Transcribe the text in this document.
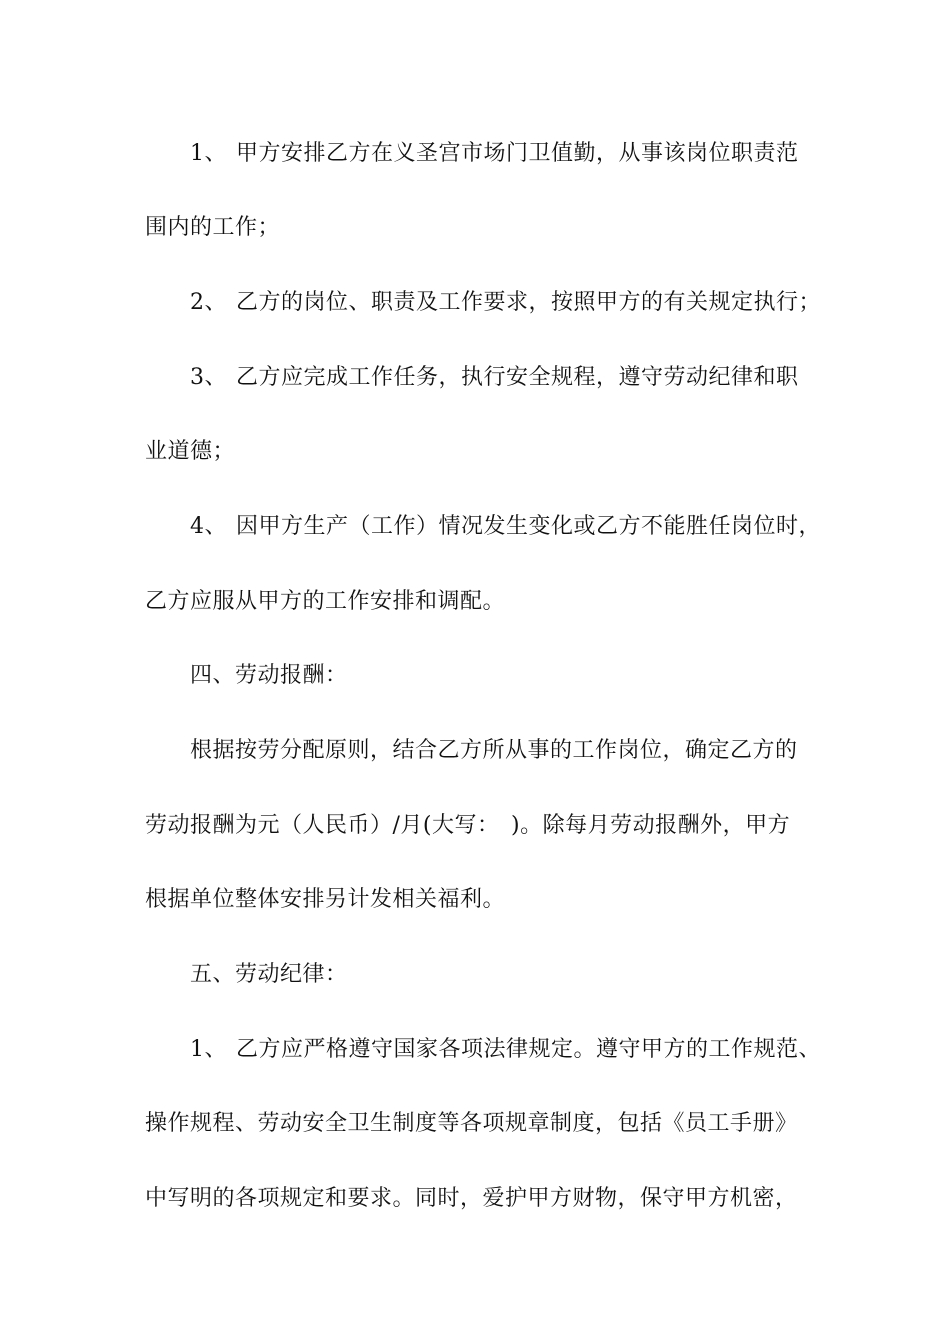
1、 甲方安排乙方在义圣宫市场门卫值勤，从事该岗位职责范
围内的工作；
2、 乙方的岗位、职责及工作要求，按照甲方的有关规定执行；
3、 乙方应完成工作任务，执行安全规程，遵守劳动纪律和职
业道德；
4、 因甲方生产（工作）情况发生变化或乙方不能胜任岗位时，
乙方应服从甲方的工作安排和调配。
四、劳动报酬：
根据按劳分配原则，结合乙方所从事的工作岗位，确定乙方的
劳动报酬为元（人民币）/月(大写：　)。除每月劳动报酬外，甲方
根据单位整体安排另计发相关福利。
五、劳动纪律：
1、 乙方应严格遵守国家各项法律规定。遵守甲方的工作规范、
操作规程、劳动安全卫生制度等各项规章制度，包括《员工手册》
中写明的各项规定和要求。同时，爱护甲方财物，保守甲方机密，
